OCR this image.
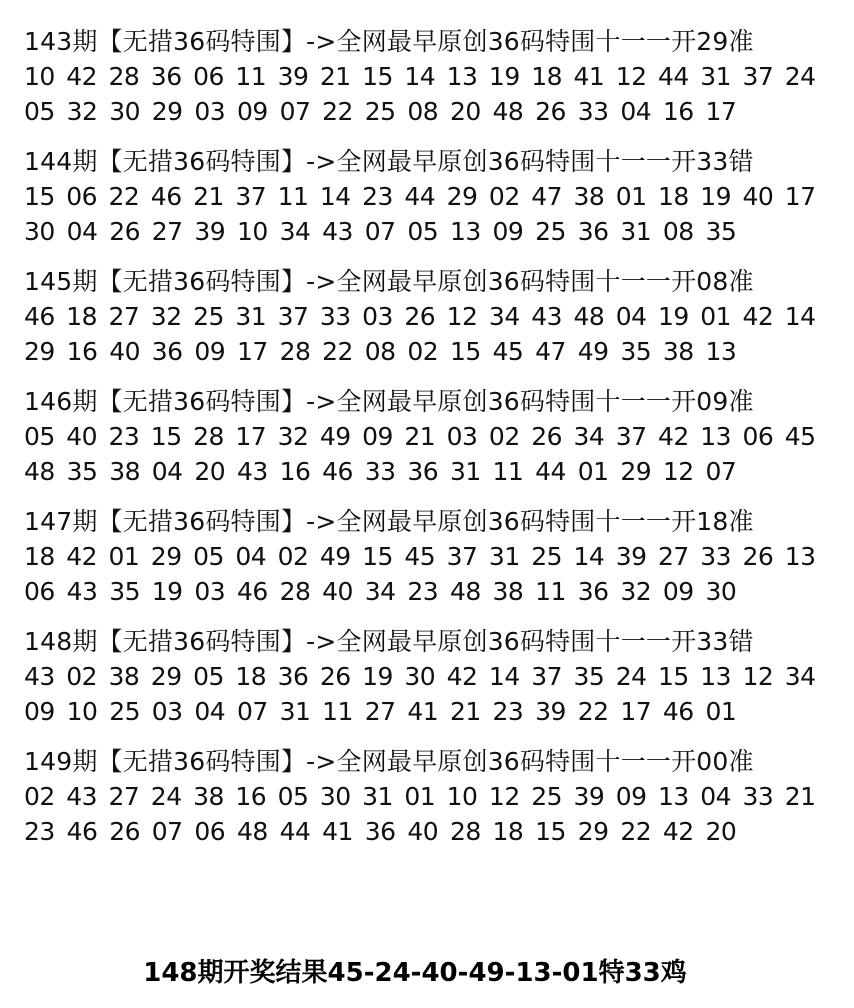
143期【无措36码特围】->全网最早原创36码特围十一一开29准
10 42 28 36 06 11 39 21 15 14 13 19 18 41 12 44 31 37 24
05 32 30 29 03 09 07 22 25 08 20 48 26 33 04 16 17
144期【无措36码特围】->全网最早原创36码特围十一一开33错
15 06 22 46 21 37 11 14 23 44 29 02 47 38 01 18 19 40 17
30 04 26 27 39 10 34 43 07 05 13 09 25 36 31 08 35
145期【无措36码特围】->全网最早原创36码特围十一一开08准
46 18 27 32 25 31 37 33 03 26 12 34 43 48 04 19 01 42 14
29 16 40 36 09 17 28 22 08 02 15 45 47 49 35 38 13
146期【无措36码特围】->全网最早原创36码特围十一一开09准
05 40 23 15 28 17 32 49 09 21 03 02 26 34 37 42 13 06 45
48 35 38 04 20 43 16 46 33 36 31 11 44 01 29 12 07
147期【无措36码特围】->全网最早原创36码特围十一一开18准
18 42 01 29 05 04 02 49 15 45 37 31 25 14 39 27 33 26 13
06 43 35 19 03 46 28 40 34 23 48 38 11 36 32 09 30
148期【无措36码特围】->全网最早原创36码特围十一一开33错
43 02 38 29 05 18 36 26 19 30 42 14 37 35 24 15 13 12 34
09 10 25 03 04 07 31 11 27 41 21 23 39 22 17 46 01
149期【无措36码特围】->全网最早原创36码特围十一一开00准
02 43 27 24 38 16 05 30 31 01 10 12 25 39 09 13 04 33 21
23 46 26 07 06 48 44 41 36 40 28 18 15 29 22 42 20
148期开奖结果45-24-40-49-13-01特33鸡
